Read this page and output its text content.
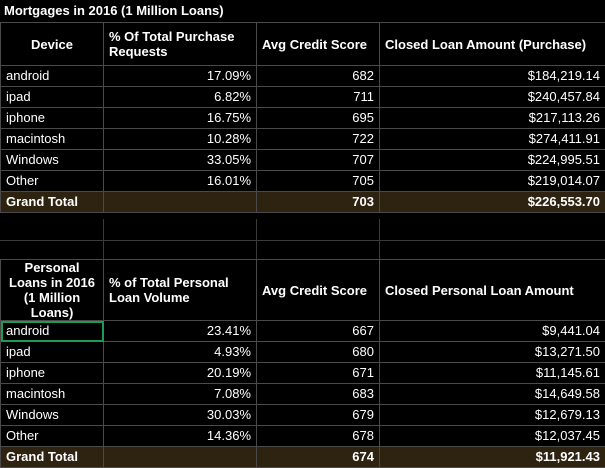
Mortgages in 2016 (1 Million Loans)
Device	% Of Total Purchase Requests	Avg Credit Score	Closed Loan Amount (Purchase)
android	17.09%	682	$184,219.14
ipad	6.82%	711	$240,457.84
iphone	16.75%	695	$217,113.26
macintosh	10.28%	722	$274,411.91
Windows	33.05%	707	$224,995.51
Other	16.01%	705	$219,014.07
Grand Total		703	$226,553.70
Personal Loans in 2016 (1 Million Loans)	% of Total Personal Loan Volume	Avg Credit Score	Closed Personal Loan Amount
android	23.41%	667	$9,441.04
ipad	4.93%	680	$13,271.50
iphone	20.19%	671	$11,145.61
macintosh	7.08%	683	$14,649.58
Windows	30.03%	679	$12,679.13
Other	14.36%	678	$12,037.45
Grand Total		674	$11,921.43
